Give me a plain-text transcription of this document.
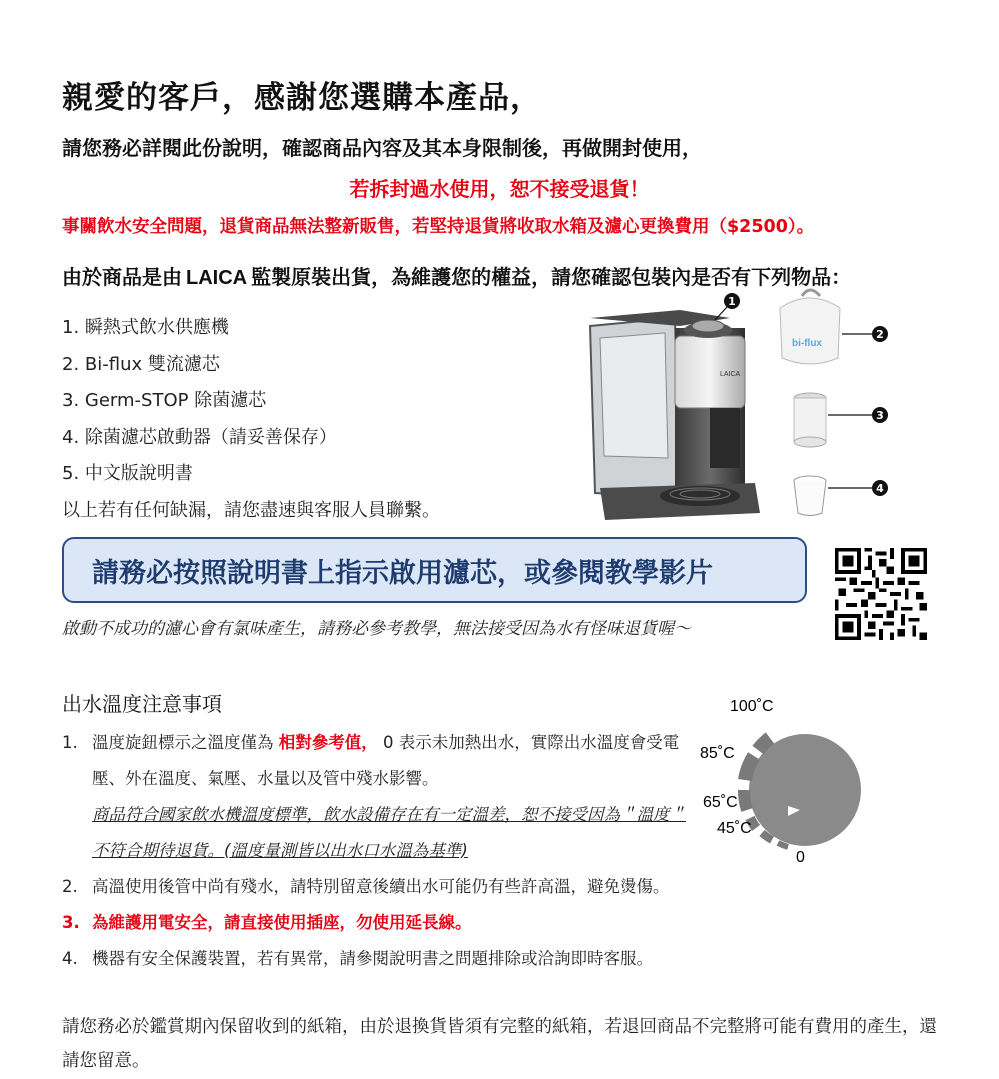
親愛的客戶，感謝您選購本產品，
請您務必詳閱此份說明，確認商品內容及其本身限制後，再做開封使用，
若拆封過水使用，恕不接受退貨！
事關飲水安全問題，退貨商品無法整新販售，若堅持退貨將收取水箱及濾心更換費用（$2500）。
由於商品是由 LAICA 監製原裝出貨，為維護您的權益，請您確認包裝內是否有下列物品：
1. 瞬熱式飲水供應機
2. Bi-flux 雙流濾芯
3. Germ-STOP 除菌濾芯
4. 除菌濾芯啟動器（請妥善保存）
5. 中文版說明書
以上若有任何缺漏，請您盡速與客服人員聯繫。
LAICA
1
bi-flux
2
3
4
請務必按照說明書上指示啟用濾芯，或參閱教學影片
啟動不成功的濾心會有氯味產生，請務必參考教學，無法接受因為水有怪味退貨喔～
出水溫度注意事項
1. 溫度旋鈕標示之溫度僅為 相對參考值， 0 表示未加熱出水，實際出水溫度會受電壓、外在溫度、氣壓、水量以及管中殘水影響。
商品符合國家飲水機溫度標準，飲水設備存在有一定溫差，恕不接受因為＂溫度＂不符合期待退貨。(溫度量測皆以出水口水溫為基準)
2. 高溫使用後管中尚有殘水，請特別留意後續出水可能仍有些許高溫，避免燙傷。
3. 為維護用電安全，請直接使用插座，勿使用延長線。
4. 機器有安全保護裝置，若有異常，請參閱說明書之問題排除或洽詢即時客服。
100˚C
85˚C
65˚C
45˚C
0
請您務必於鑑賞期內保留收到的紙箱，由於退換貨皆須有完整的紙箱，若退回商品不完整將可能有費用的產生，還請您留意。
